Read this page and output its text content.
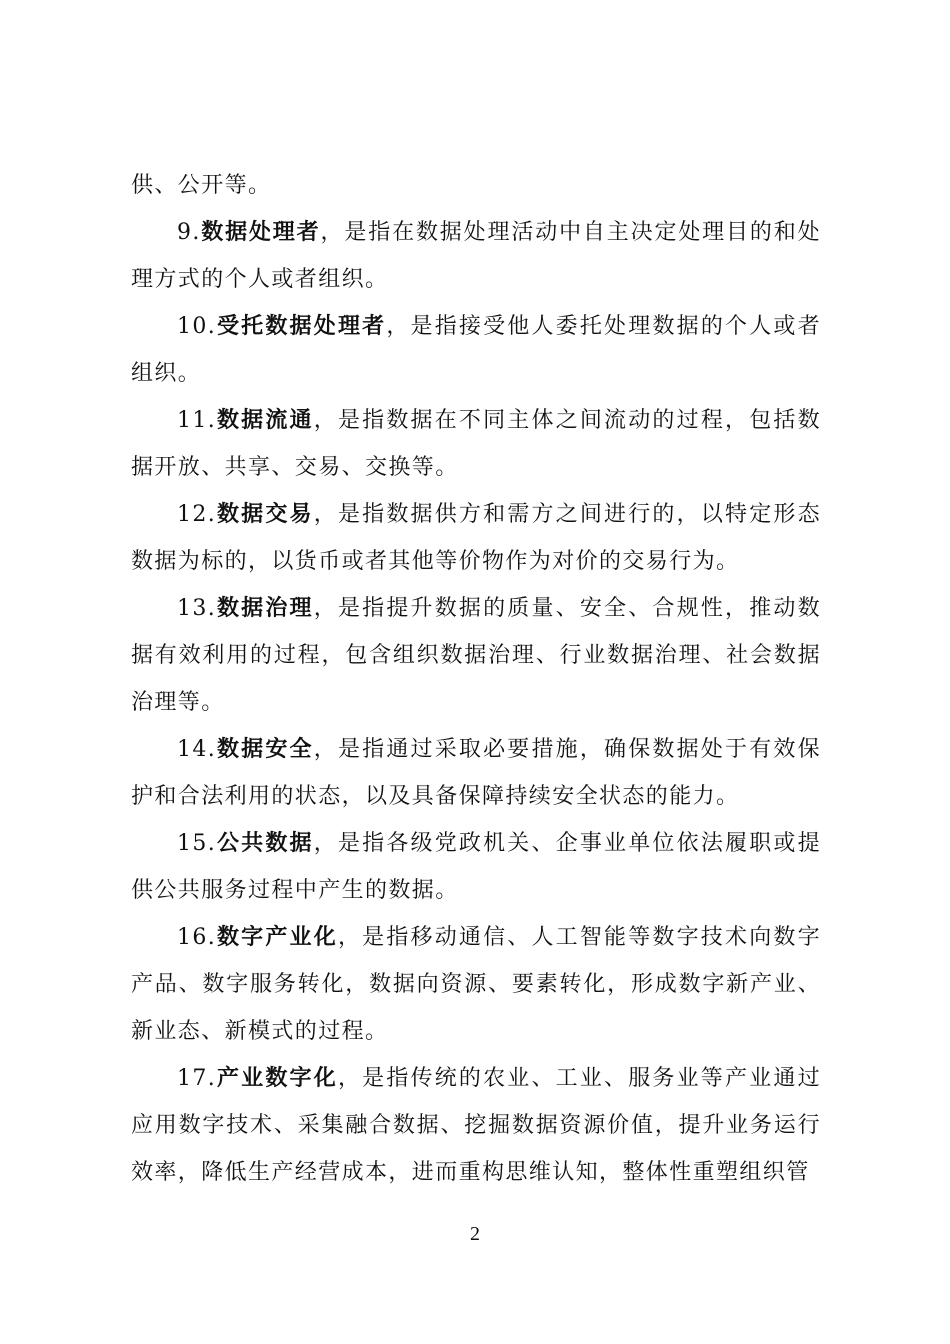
供、公开等。

9.数据处理者，是指在数据处理活动中自主决定处理目的和处理方式的个人或者组织。

10.受托数据处理者，是指接受他人委托处理数据的个人或者组织。

11.数据流通，是指数据在不同主体之间流动的过程，包括数据开放、共享、交易、交换等。

12.数据交易，是指数据供方和需方之间进行的，以特定形态数据为标的，以货币或者其他等价物作为对价的交易行为。

13.数据治理，是指提升数据的质量、安全、合规性，推动数据有效利用的过程，包含组织数据治理、行业数据治理、社会数据治理等。

14.数据安全，是指通过采取必要措施，确保数据处于有效保护和合法利用的状态，以及具备保障持续安全状态的能力。

15.公共数据，是指各级党政机关、企事业单位依法履职或提供公共服务过程中产生的数据。

16.数字产业化，是指移动通信、人工智能等数字技术向数字产品、数字服务转化，数据向资源、要素转化，形成数字新产业、新业态、新模式的过程。

17.产业数字化，是指传统的农业、工业、服务业等产业通过应用数字技术、采集融合数据、挖掘数据资源价值，提升业务运行效率，降低生产经营成本，进而重构思维认知，整体性重塑组织管

2
